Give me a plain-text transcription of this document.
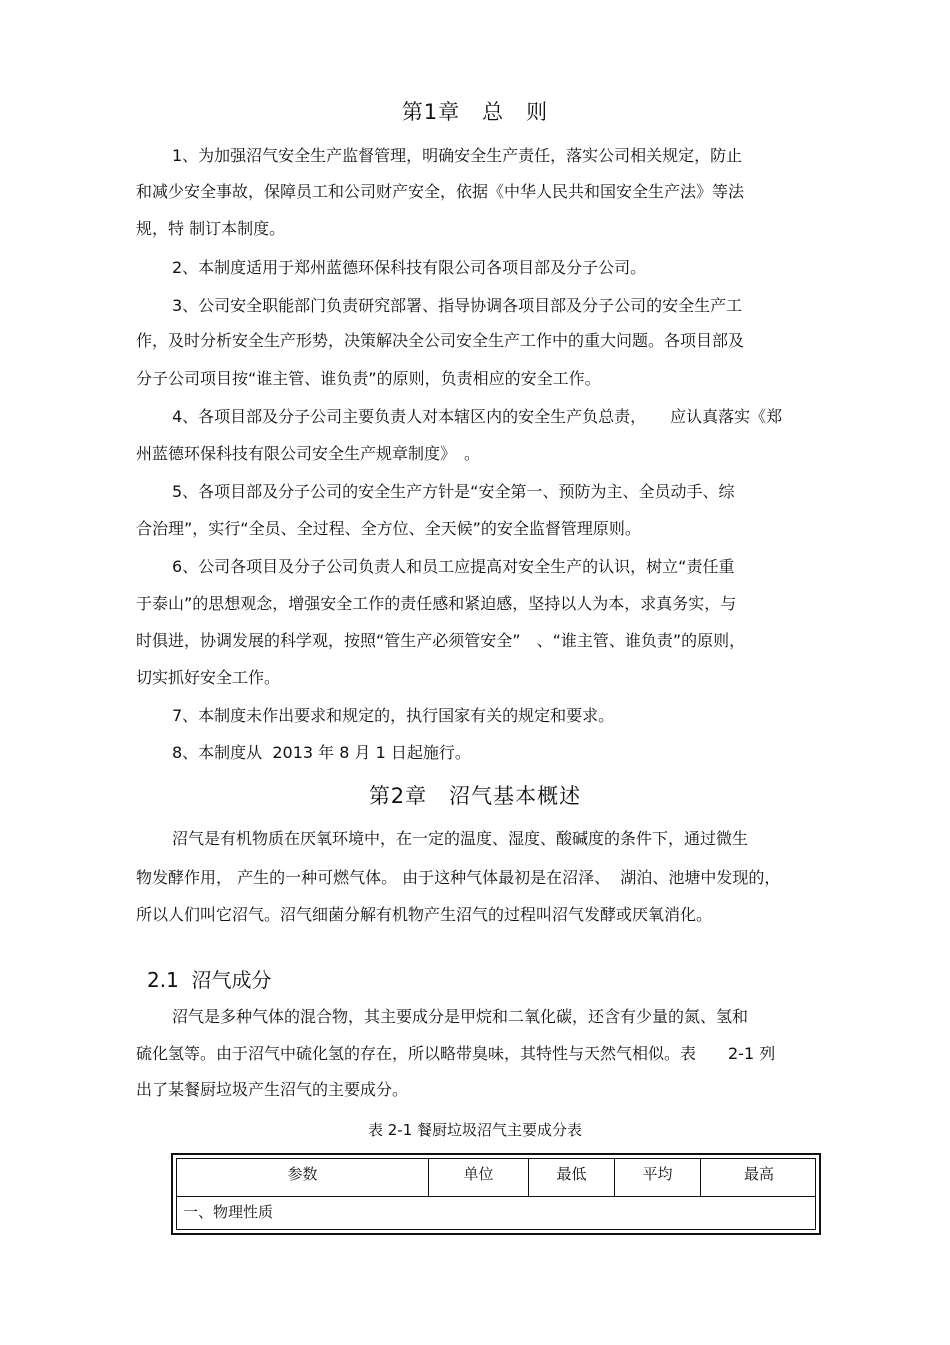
第1章　总　则
1、为加强沼气安全生产监督管理，明确安全生产责任，落实公司相关规定，防止
和减少安全事故，保障员工和公司财产安全，依据《中华人民共和国安全生产法》等法
规，特 制订本制度。
2、本制度适用于郑州蓝德环保科技有限公司各项目部及分子公司。
3、公司安全职能部门负责研究部署、指导协调各项目部及分子公司的安全生产工
作，及时分析安全生产形势，决策解决全公司安全生产工作中的重大问题。各项目部及
分子公司项目按“谁主管、谁负责”的原则，负责相应的安全工作。
4、各项目部及分子公司主要负责人对本辖区内的安全生产负总责，　　应认真落实《郑
州蓝德环保科技有限公司安全生产规章制度》　。
5、各项目部及分子公司的安全生产方针是“安全第一、预防为主、全员动手、综
合治理”，实行“全员、全过程、全方位、全天候”的安全监督管理原则。
6、公司各项目及分子公司负责人和员工应提高对安全生产的认识，树立“责任重
于泰山”的思想观念，增强安全工作的责任感和紧迫感，坚持以人为本，求真务实，与
时俱进，协调发展的科学观，按照“管生产必须管安全”　、“谁主管、谁负责”的原则，
切实抓好安全工作。
7、本制度未作出要求和规定的，执行国家有关的规定和要求。
8、本制度从  2013 年 8 月 1 日起施行。
第2章　沼气基本概述
沼气是有机物质在厌氧环境中，在一定的温度、湿度、酸碱度的条件下，通过微生
物发酵作用， 产生的一种可燃气体。 由于这种气体最初是在沼泽、  湖泊、池塘中发现的，
所以人们叫它沼气。沼气细菌分解有机物产生沼气的过程叫沼气发酵或厌氧消化。
2.1  沼气成分
沼气是多种气体的混合物，其主要成分是甲烷和二氧化碳，还含有少量的氮、氢和
硫化氢等。由于沼气中硫化氢的存在，所以略带臭味，其特性与天然气相似。表　　2-1 列
出了某餐厨垃圾产生沼气的主要成分。
表 2-1 餐厨垃圾沼气主要成分表
参数	单位	最低	平均	最高
一、物理性质
